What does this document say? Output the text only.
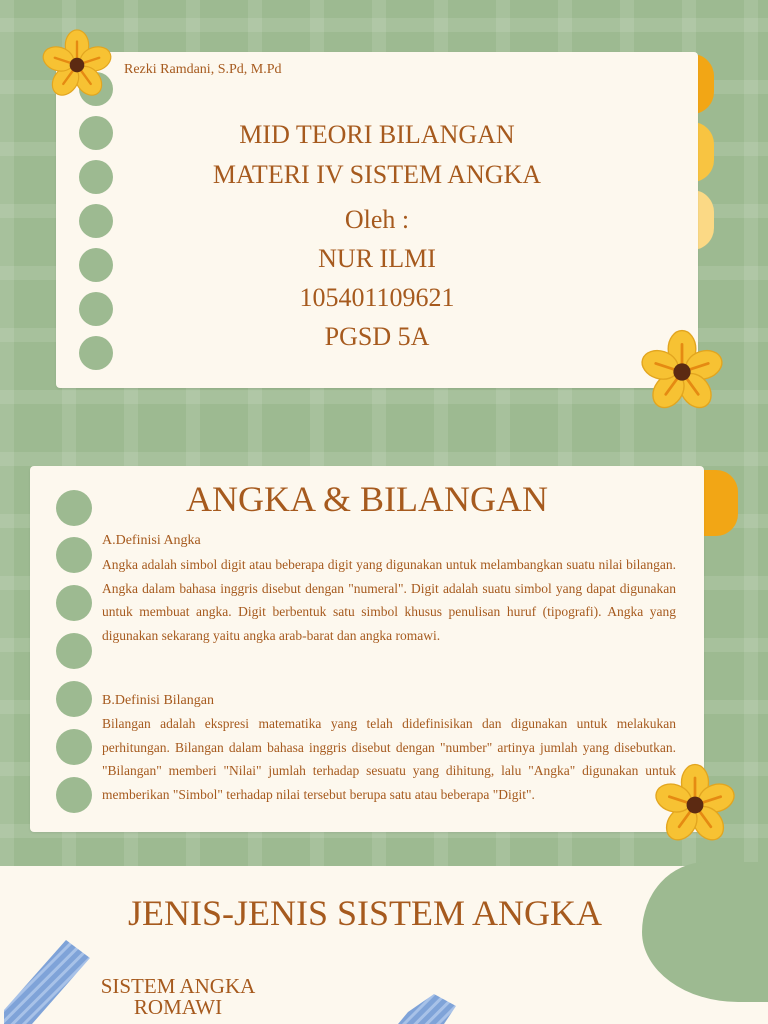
Rezki Ramdani, S.Pd, M.Pd
MID TEORI BILANGAN
MATERI IV SISTEM ANGKA
Oleh :
NUR ILMI
105401109621
PGSD 5A
ANGKA & BILANGAN
A.Definisi Angka

Angka adalah simbol digit atau beberapa digit yang digunakan untuk melambangkan suatu nilai bilangan. Angka dalam bahasa inggris disebut dengan "numeral". Digit adalah suatu simbol yang dapat digunakan untuk membuat angka. Digit berbentuk satu simbol khusus penulisan huruf (tipografi). Angka yang digunakan sekarang yaitu angka arab-barat dan angka romawi.

B.Definisi Bilangan

Bilangan adalah ekspresi matematika yang telah didefinisikan dan digunakan untuk melakukan perhitungan. Bilangan dalam bahasa inggris disebut dengan "number" artinya jumlah yang disebutkan. "Bilangan" memberi "Nilai" jumlah terhadap sesuatu yang dihitung, lalu "Angka" digunakan untuk memberikan "Simbol" terhadap nilai tersebut berupa satu atau beberapa "Digit".

JENIS-JENIS SISTEM ANGKA
SISTEM ANGKA ROMAWI
